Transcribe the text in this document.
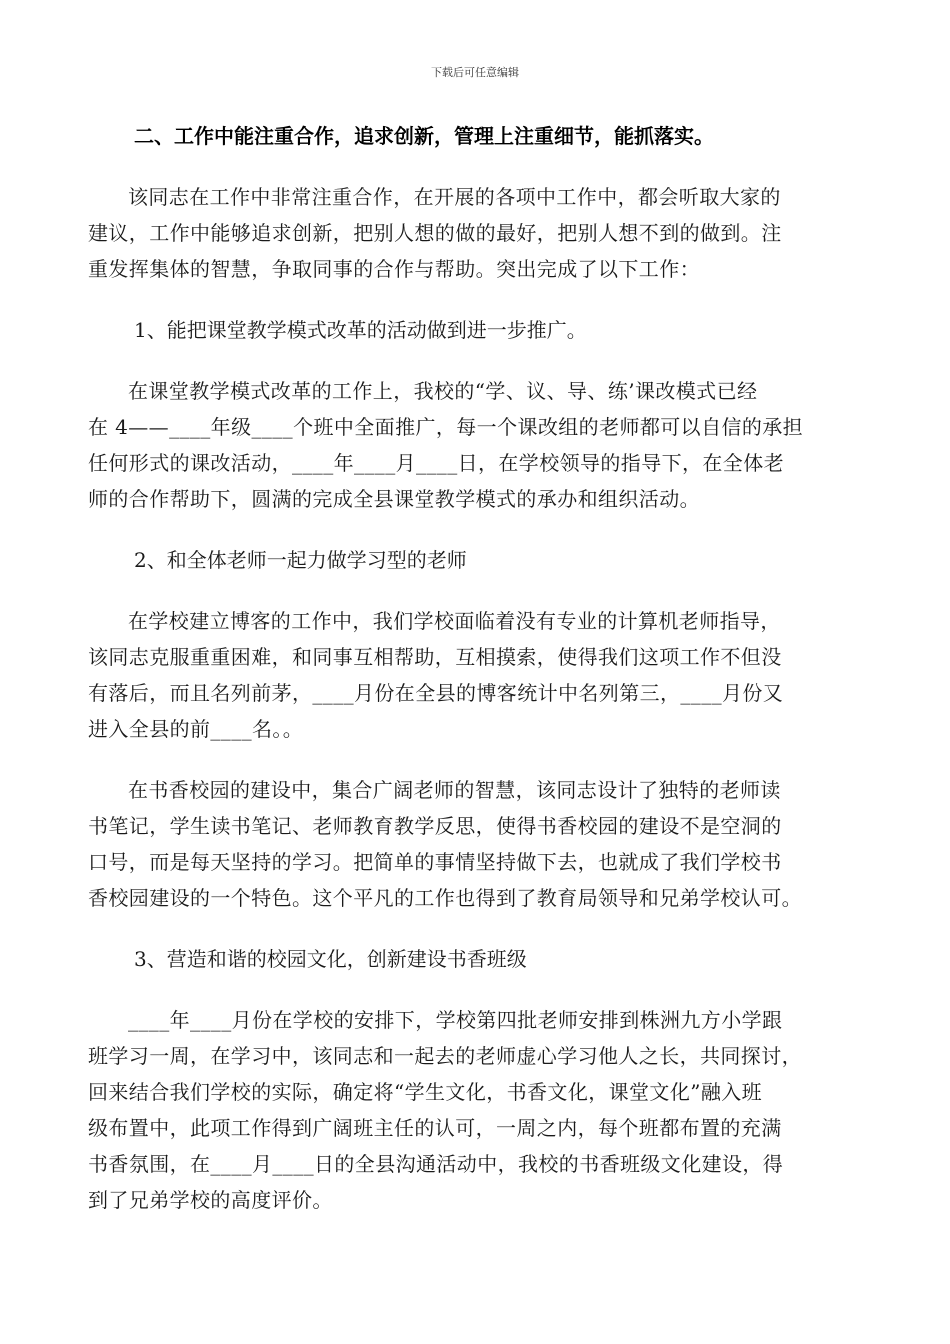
下载后可任意编辑
二、工作中能注重合作，追求创新，管理上注重细节，能抓落实。
该同志在工作中非常注重合作，在开展的各项中工作中，都会听取大家的
建议，工作中能够追求创新，把别人想的做的最好，把别人想不到的做到。注
重发挥集体的智慧，争取同事的合作与帮助。突出完成了以下工作：
1、能把课堂教学模式改革的活动做到进一步推广。
在课堂教学模式改革的工作上，我校的“学、议、导、练’课改模式已经
在 4——____年级____个班中全面推广，每一个课改组的老师都可以自信的承担
任何形式的课改活动，____年____月____日，在学校领导的指导下，在全体老
师的合作帮助下，圆满的完成全县课堂教学模式的承办和组织活动。
2、和全体老师一起力做学习型的老师
在学校建立博客的工作中，我们学校面临着没有专业的计算机老师指导，
该同志克服重重困难，和同事互相帮助，互相摸索，使得我们这项工作不但没
有落后，而且名列前茅，____月份在全县的博客统计中名列第三，____月份又
进入全县的前____名。。
在书香校园的建设中，集合广阔老师的智慧，该同志设计了独特的老师读
书笔记，学生读书笔记、老师教育教学反思，使得书香校园的建设不是空洞的
口号，而是每天坚持的学习。把简单的事情坚持做下去，也就成了我们学校书
香校园建设的一个特色。这个平凡的工作也得到了教育局领导和兄弟学校认可。
3、营造和谐的校园文化，创新建设书香班级
____年____月份在学校的安排下，学校第四批老师安排到株洲九方小学跟
班学习一周，在学习中，该同志和一起去的老师虚心学习他人之长，共同探讨，
回来结合我们学校的实际，确定将“学生文化，书香文化，课堂文化”融入班
级布置中，此项工作得到广阔班主任的认可，一周之内，每个班都布置的充满
书香氛围，在____月____日的全县沟通活动中，我校的书香班级文化建设，得
到了兄弟学校的高度评价。
